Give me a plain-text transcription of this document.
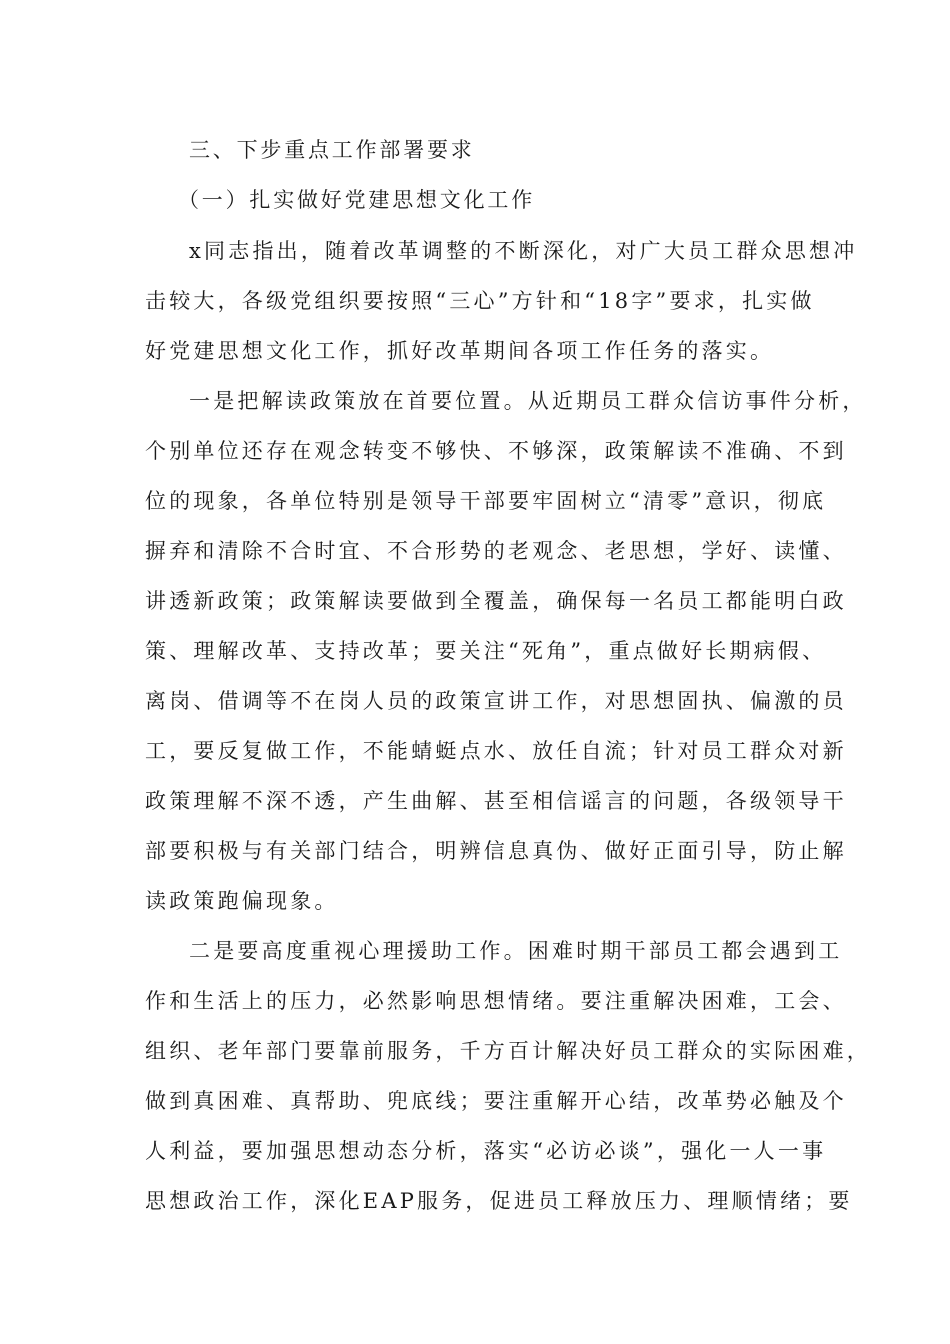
三、下步重点工作部署要求
（一）扎实做好党建思想文化工作
x同志指出，随着改革调整的不断深化，对广大员工群众思想冲
击较大，各级党组织要按照“三心”方针和“18字”要求，扎实做
好党建思想文化工作，抓好改革期间各项工作任务的落实。
一是把解读政策放在首要位置。从近期员工群众信访事件分析，
个别单位还存在观念转变不够快、不够深，政策解读不准确、不到
位的现象，各单位特别是领导干部要牢固树立“清零”意识，彻底
摒弃和清除不合时宜、不合形势的老观念、老思想，学好、读懂、
讲透新政策；政策解读要做到全覆盖，确保每一名员工都能明白政
策、理解改革、支持改革；要关注“死角”，重点做好长期病假、
离岗、借调等不在岗人员的政策宣讲工作，对思想固执、偏激的员
工，要反复做工作，不能蜻蜓点水、放任自流；针对员工群众对新
政策理解不深不透，产生曲解、甚至相信谣言的问题，各级领导干
部要积极与有关部门结合，明辨信息真伪、做好正面引导，防止解
读政策跑偏现象。
二是要高度重视心理援助工作。困难时期干部员工都会遇到工
作和生活上的压力，必然影响思想情绪。要注重解决困难，工会、
组织、老年部门要靠前服务，千方百计解决好员工群众的实际困难，
做到真困难、真帮助、兜底线；要注重解开心结，改革势必触及个
人利益，要加强思想动态分析，落实“必访必谈”，强化一人一事
思想政治工作，深化EAP服务，促进员工释放压力、理顺情绪；要
